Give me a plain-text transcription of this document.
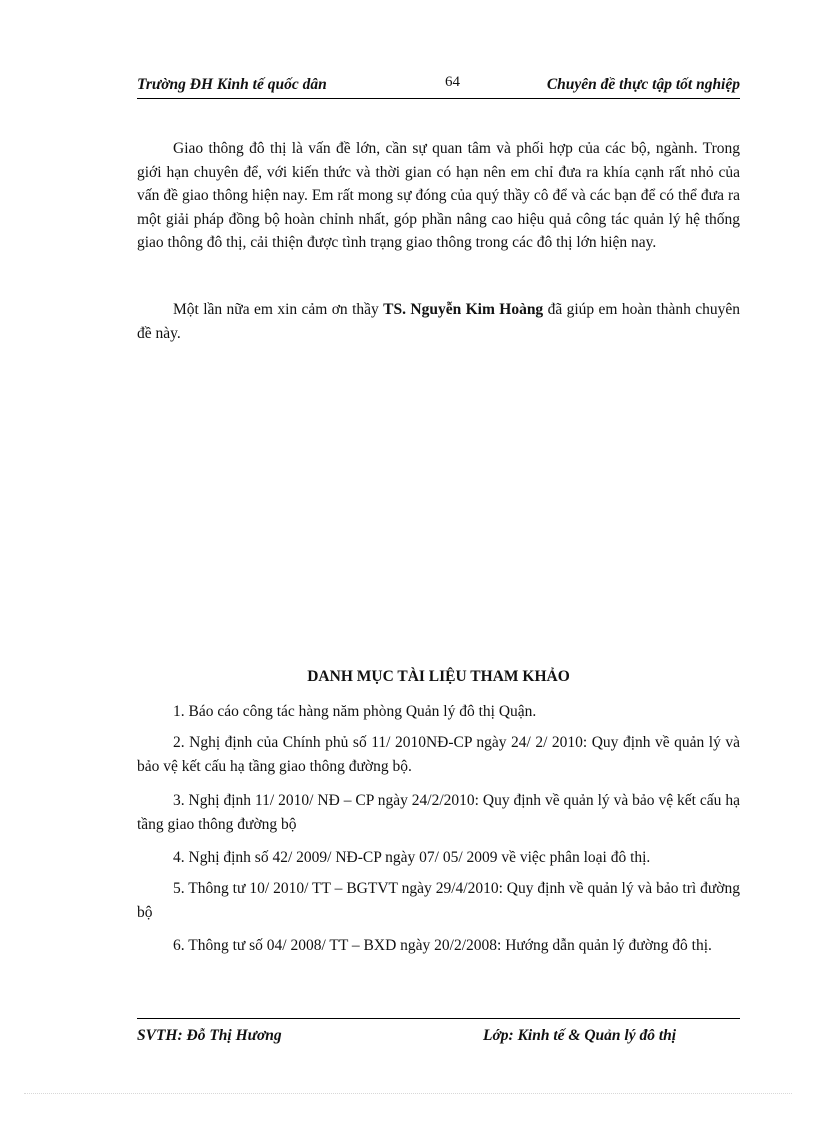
Trường ĐH Kinh tế quốc dân	64	Chuyên đề thực tập tốt nghiệp

Giao thông đô thị là vấn đề lớn, cần sự quan tâm và phối hợp của các bộ, ngành. Trong giới hạn chuyên để, với kiến thức và thời gian có hạn nên em chỉ đưa ra khía cạnh rất nhỏ của vấn đề giao thông hiện nay. Em rất mong sự đóng của quý thầy cô để và các bạn để có thể đưa ra một giải pháp đồng bộ hoàn chỉnh nhất, góp phần nâng cao hiệu quả công tác quản lý hệ thống giao thông đô thị, cải thiện được tình trạng giao thông trong các đô thị lớn hiện nay.

Một lần nữa em xin cảm ơn thầy TS. Nguyễn Kim Hoàng đã giúp em hoàn thành chuyên đề này.

DANH MỤC TÀI LIỆU THAM KHẢO

1. Báo cáo công tác hàng năm phòng Quản lý đô thị Quận.

2. Nghị định của Chính phủ số 11/ 2010NĐ-CP ngày 24/ 2/ 2010: Quy định về quản lý và bảo vệ kết cấu hạ tầng giao thông đường bộ.

3. Nghị định 11/ 2010/ NĐ – CP ngày 24/2/2010: Quy định về quản lý và bảo vệ kết cấu hạ tầng giao thông đường bộ

4. Nghị định số 42/ 2009/ NĐ-CP ngày 07/ 05/ 2009 về việc phân loại đô thị.

5. Thông tư 10/ 2010/ TT – BGTVT ngày 29/4/2010: Quy định về quản lý và bảo trì đường bộ

6. Thông tư số 04/ 2008/ TT – BXD ngày 20/2/2008: Hướng dẫn quản lý đường đô thị.

SVTH: Đỗ Thị Hương	Lớp: Kinh tế & Quản lý đô thị
